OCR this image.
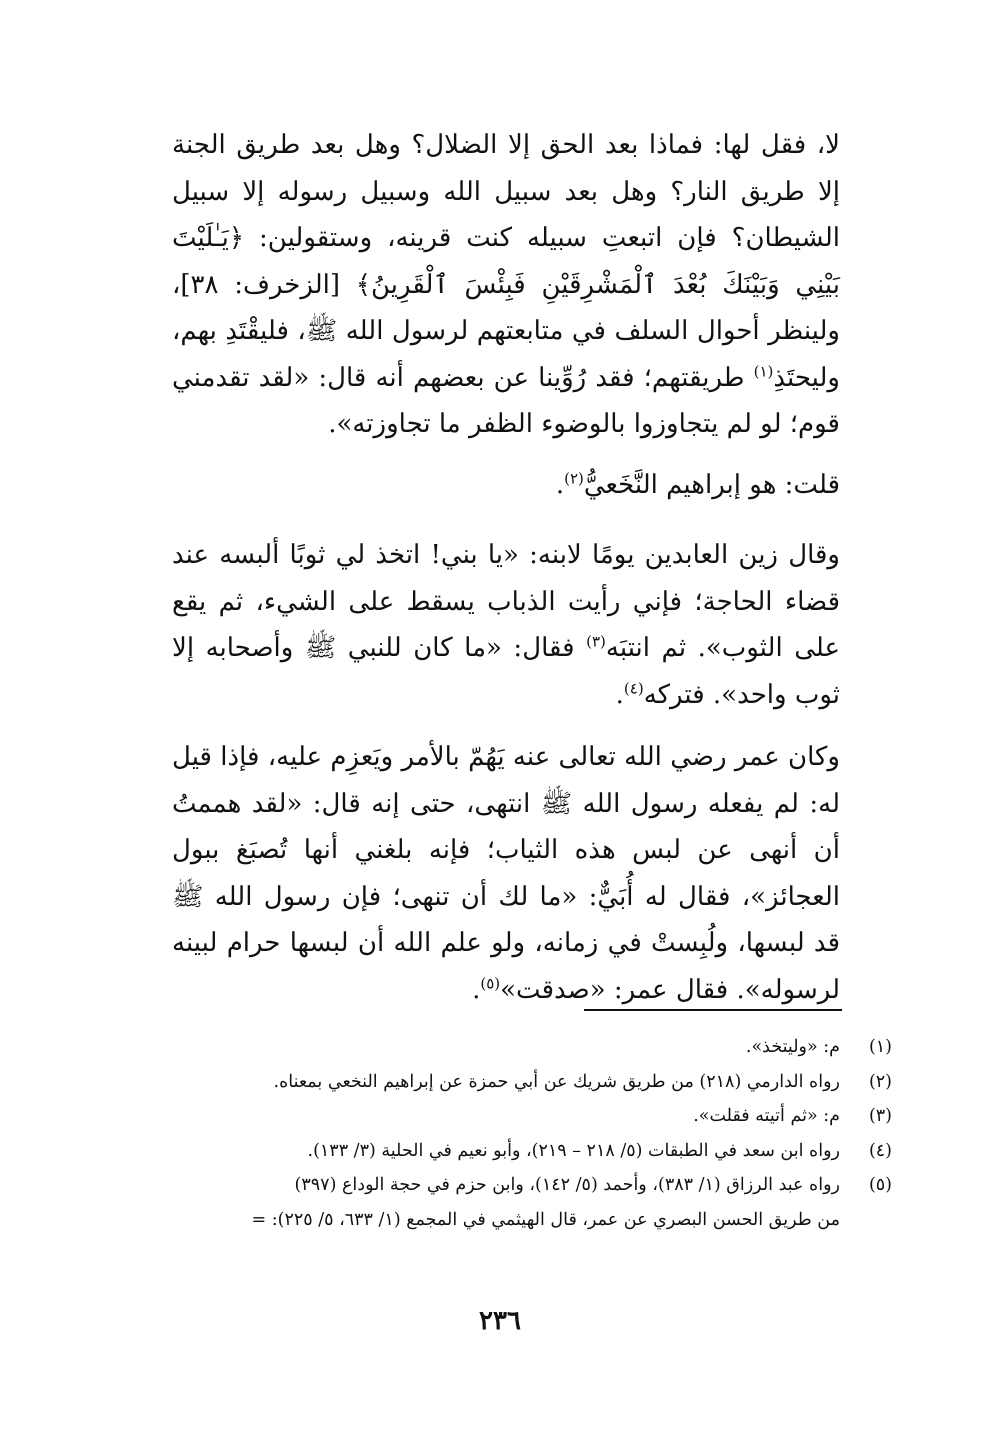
لا، فقل لها: فماذا بعد الحق إلا الضلال؟ وهل بعد طريق الجنة إلا طريق النار؟ وهل بعد سبيل الله وسبيل رسوله إلا سبيل الشيطان؟ فإن اتبعتِ سبيله كنت قرينه، وستقولين: ﴿يَـٰلَيْتَ بَيْنِي وَبَيْنَكَ بُعْدَ ٱلْمَشْرِقَيْنِ فَبِئْسَ ٱلْقَرِينُ﴾ [الزخرف: ٣٨]، ولينظر أحوال السلف في متابعتهم لرسول الله ﷺ، فليقْتَدِ بهم، وليحتَذِ$^{(١)}$ طريقتهم؛ فقد رُوِّينا عن بعضهم أنه قال: «لقد تقدمني قوم؛ لو لم يتجاوزوا بالوضوء الظفر ما تجاوزته».

قلت: هو إبراهيم النَّخَعيُّ$^{(٢)}$.

وقال زين العابدين يومًا لابنه: «يا بني! اتخذ لي ثوبًا ألبسه عند قضاء الحاجة؛ فإني رأيت الذباب يسقط على الشيء، ثم يقع على الثوب». ثم انتبَه$^{(٣)}$ فقال: «ما كان للنبي ﷺ وأصحابه إلا ثوب واحد». فتركه$^{(٤)}$.

وكان عمر رضي الله تعالى عنه يَهُمّ بالأمر ويَعزِم عليه، فإذا قيل له: لم يفعله رسول الله ﷺ انتهى، حتى إنه قال: «لقد هممتُ أن أنهى عن لبس هذه الثياب؛ فإنه بلغني أنها تُصبَغ ببول العجائز»، فقال له أُبَيٌّ: «ما لك أن تنهى؛ فإن رسول الله ﷺ قد لبسها، ولُبِستْ في زمانه، ولو علم الله أن لبسها حرام لبينه لرسوله». فقال عمر: «صدقت»$^{(٥)}$.

(١)
م: «وليتخذ».
(٢)
رواه الدارمي (٢١٨) من طريق شريك عن أبي حمزة عن إبراهيم النخعي بمعناه.
(٣)
م: «ثم أتيته فقلت».
(٤)
رواه ابن سعد في الطبقات (٥/ ٢١٨ – ٢١٩)، وأبو نعيم في الحلية (٣/ ١٣٣).
(٥)
رواه عبد الرزاق (١/ ٣٨٣)، وأحمد (٥/ ١٤٢)، وابن حزم في حجة الوداع (٣٩٧)
من طريق الحسن البصري عن عمر، قال الهيثمي في المجمع (١/ ٦٣٣، ٥/ ٢٢٥): =
٢٣٦
